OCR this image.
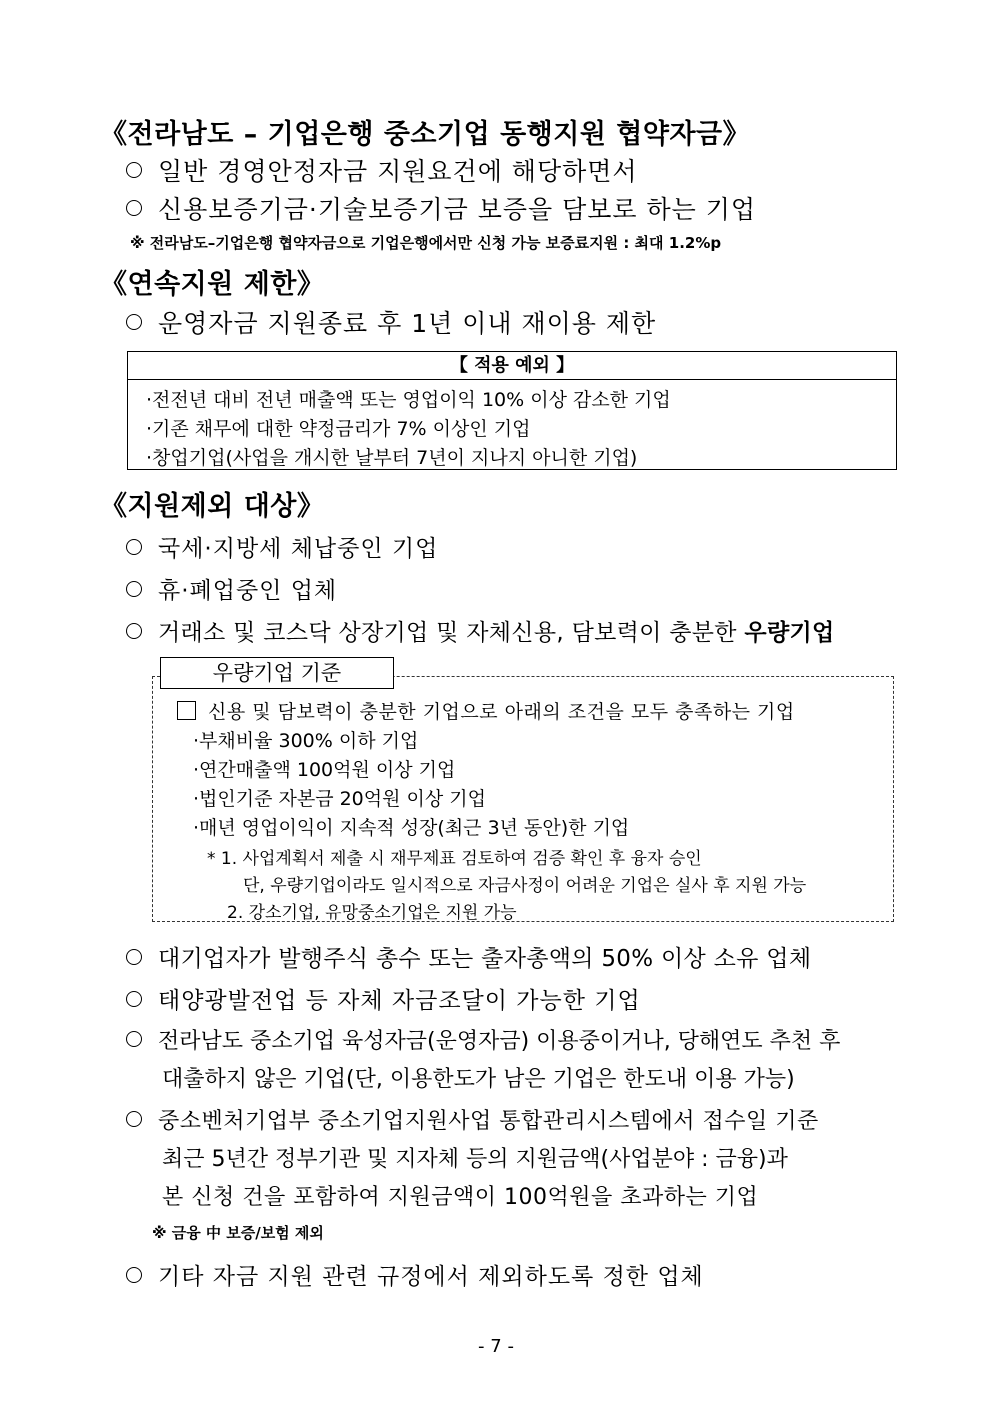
《전라남도 – 기업은행 중소기업 동행지원 협약자금》
일반 경영안정자금 지원요건에 해당하면서
신용보증기금·기술보증기금 보증을 담보로 하는 기업
※ 전라남도–기업은행 협약자금으로 기업은행에서만 신청 가능 보증료지원 : 최대 1.2%p
《연속지원 제한》
운영자금 지원종료 후 1년 이내 재이용 제한
【 적용 예외 】
·전전년 대비 전년 매출액 또는 영업이익 10% 이상 감소한 기업
·기존 채무에 대한 약정금리가 7% 이상인 기업
·창업기업(사업을 개시한 날부터 7년이 지나지 아니한 기업)
《지원제외 대상》
국세·지방세 체납중인 기업
휴·폐업중인 업체
거래소 및 코스닥 상장기업 및 자체신용, 담보력이 충분한 우량기업
신용 및 담보력이 충분한 기업으로 아래의 조건을 모두 충족하는 기업
·부채비율 300% 이하 기업
·연간매출액 100억원 이상 기업
·법인기준 자본금 20억원 이상 기업
·매년 영업이익이 지속적 성장(최근 3년 동안)한 기업
* 1. 사업계획서 제출 시 재무제표 검토하여 검증 확인 후 융자 승인
단, 우량기업이라도 일시적으로 자금사정이 어려운 기업은 실사 후 지원 가능
2. 강소기업, 유망중소기업은 지원 가능
우량기업 기준
대기업자가 발행주식 총수 또는 출자총액의 50% 이상 소유 업체
태양광발전업 등 자체 자금조달이 가능한 기업
전라남도 중소기업 육성자금(운영자금) 이용중이거나, 당해연도 추천 후
대출하지 않은 기업(단, 이용한도가 남은 기업은 한도내 이용 가능)
중소벤처기업부 중소기업지원사업 통합관리시스템에서 접수일 기준
최근 5년간 정부기관 및 지자체 등의 지원금액(사업분야 : 금융)과
본 신청 건을 포함하여 지원금액이 100억원을 초과하는 기업
※ 금융 中 보증/보험 제외
기타 자금 지원 관련 규정에서 제외하도록 정한 업체
- 7 -
